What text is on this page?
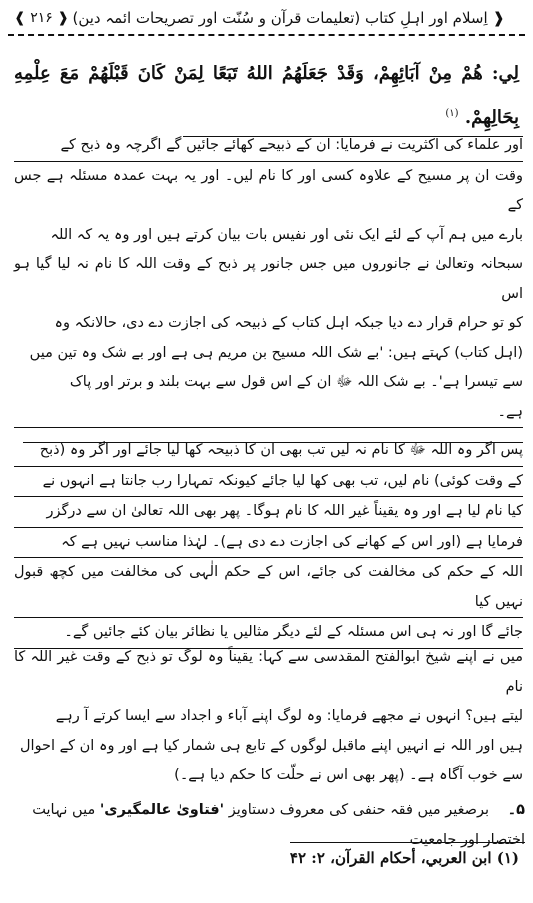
❰ اِسلام اور اہلِ کتاب (تعلیمات قرآن و سُنّت اور تصریحات ائمہ دین)
❰ ۲۱۶ ❱
لِي: هُمْ مِنْ آبَائِهِمْ، وَقَدْ جَعَلَهُمُ اللهُ تَبَعًا لِمَنْ كَانَ قَبْلَهُمْ مَعَ عِلْمِهِ بِحَالِهِمْ. $^{(۱)}$
اور علماء کی اکثریت نے فرمایا: ان کے ذبیحے کھائے جائیں گے اگرچہ وہ ذبح کے
وقت ان پر مسیح کے علاوہ کسی اور کا نام لیں۔ اور یہ بہت عمدہ مسئلہ ہے جس کے
بارے میں ہم آپ کے لئے ایک نئی اور نفیس بات بیان کرتے ہیں اور وہ یہ کہ اللہ
سبحانہ وتعالیٰ نے جانوروں میں جس جانور پر ذبح کے وقت اللہ کا نام نہ لیا گیا ہو اس
کو تو حرام قرار دے دیا جبکہ اہل کتاب کے ذبیحہ کی اجازت دے دی، حالانکہ وہ
(اہل کتاب) کہتے ہیں: 'بے شک اللہ مسیح بن مریم ہی ہے اور بے شک وہ تین میں
سے تیسرا ہے'۔ بے شک اللہ ﷻ ان کے اس قول سے بہت بلند و برتر اور پاک
ہے۔
پس اگر وہ اللہ ﷻ کا نام نہ لیں تب بھی ان کا ذبیحہ کھا لیا جائے اور اگر وہ (ذبح
کے وقت کوئی) نام لیں، تب بھی کھا لیا جائے کیونکہ تمہارا رب جانتا ہے انہوں نے
کیا نام لیا ہے اور وہ یقیناً غیر اللہ کا نام ہوگا۔ پھر بھی اللہ تعالیٰ ان سے درگزر
فرمایا ہے (اور اس کے کھانے کی اجازت دے دی ہے)۔ لہٰذا مناسب نہیں ہے کہ
اللہ کے حکم کی مخالفت کی جائے، اس کے حکم الٰہی کی مخالفت میں کچھ قبول نہیں کیا
جائے گا اور نہ ہی اس مسئلہ کے لئے دیگر مثالیں یا نظائر بیان کئے جائیں گے۔
میں نے اپنے شیخ ابوالفتح المقدسی سے کہا: یقیناً وہ لوگ تو ذبح کے وقت غیر اللہ کا نام
لیتے ہیں؟ انہوں نے مجھے فرمایا: وہ لوگ اپنے آباء و اجداد سے ایسا کرتے آ رہے
ہیں اور اللہ نے انہیں اپنے ماقبل لوگوں کے تابع ہی شمار کیا ہے اور وہ ان کے احوال
سے خوب آگاہ ہے۔ (پھر بھی اس نے حلّت کا حکم دیا ہے۔)
۵۔ برصغیر میں فقہ حنفی کی معروف دستاویز 'فتاویٰ عالمگیری' میں نہایت اختصار اور جامعیت
(۱) ابن العربي، أحكام القرآن، ۲: ۴۲
